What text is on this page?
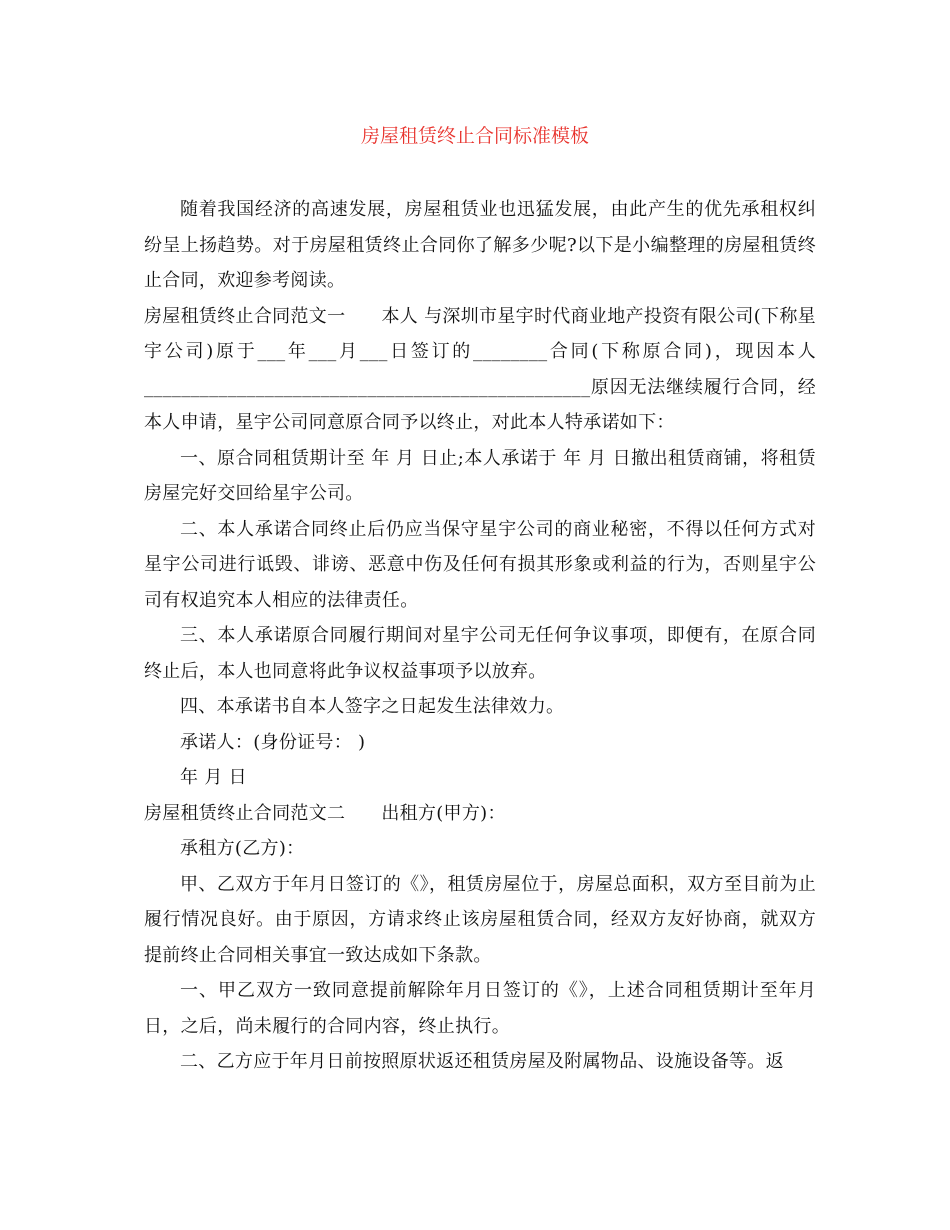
房屋租赁终止合同标准模板

随着我国经济的高速发展，房屋租赁业也迅猛发展，由此产生的优先承租权纠纷呈上扬趋势。对于房屋租赁终止合同你了解多少呢?以下是小编整理的房屋租赁终止合同，欢迎参考阅读。

房屋租赁终止合同范文一 本人 与深圳市星宇时代商业地产投资有限公司(下称星宇公司)原于___年___月___日签订的________合同(下称原合同)，现因本人________________________________________________原因无法继续履行合同，经本人申请，星宇公司同意原合同予以终止，对此本人特承诺如下：

一、原合同租赁期计至 年 月 日止;本人承诺于 年 月 日撤出租赁商铺，将租赁房屋完好交回给星宇公司。

二、本人承诺合同终止后仍应当保守星宇公司的商业秘密，不得以任何方式对星宇公司进行诋毁、诽谤、恶意中伤及任何有损其形象或利益的行为，否则星宇公司有权追究本人相应的法律责任。

三、本人承诺原合同履行期间对星宇公司无任何争议事项，即便有，在原合同终止后，本人也同意将此争议权益事项予以放弃。

四、本承诺书自本人签字之日起发生法律效力。

承诺人：(身份证号： )

年 月 日

房屋租赁终止合同范文二 出租方(甲方)：

承租方(乙方)：

甲、乙双方于年月日签订的《》，租赁房屋位于，房屋总面积，双方至目前为止履行情况良好。由于原因，方请求终止该房屋租赁合同，经双方友好协商，就双方提前终止合同相关事宜一致达成如下条款。

一、甲乙双方一致同意提前解除年月日签订的《》，上述合同租赁期计至年月日，之后，尚未履行的合同内容，终止执行。

二、乙方应于年月日前按照原状返还租赁房屋及附属物品、设施设备等。返
